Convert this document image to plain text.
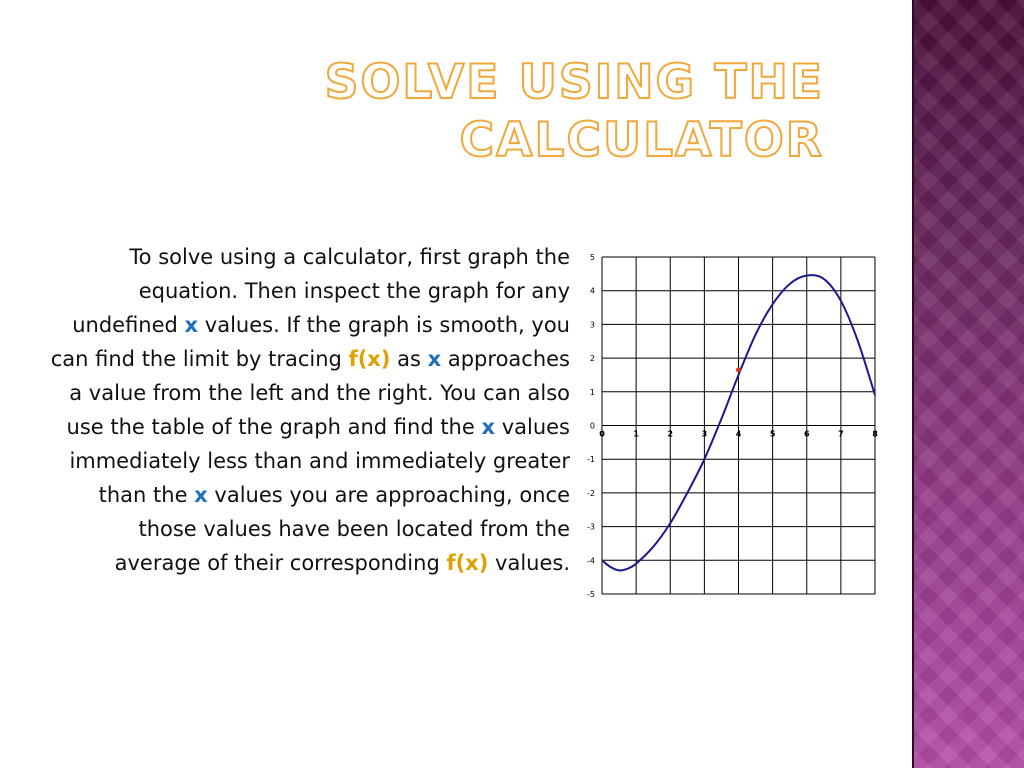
SOLVE USING THE
CALCULATOR

To solve using a calculator, first graph the equation. Then inspect the graph for any undefined x values. If the graph is smooth, you can find the limit by tracing f(x) as x approaches a value from the left and the right. You can also use the table of the graph and find the x values immediately less than and immediately greater than the x values you are approaching, once those values have been located from the average of their corresponding f(x) values.

0	1	2	3	4	5	6	7	8
5
4
3
2
1
0
-1
-2
-3
-4
-5
